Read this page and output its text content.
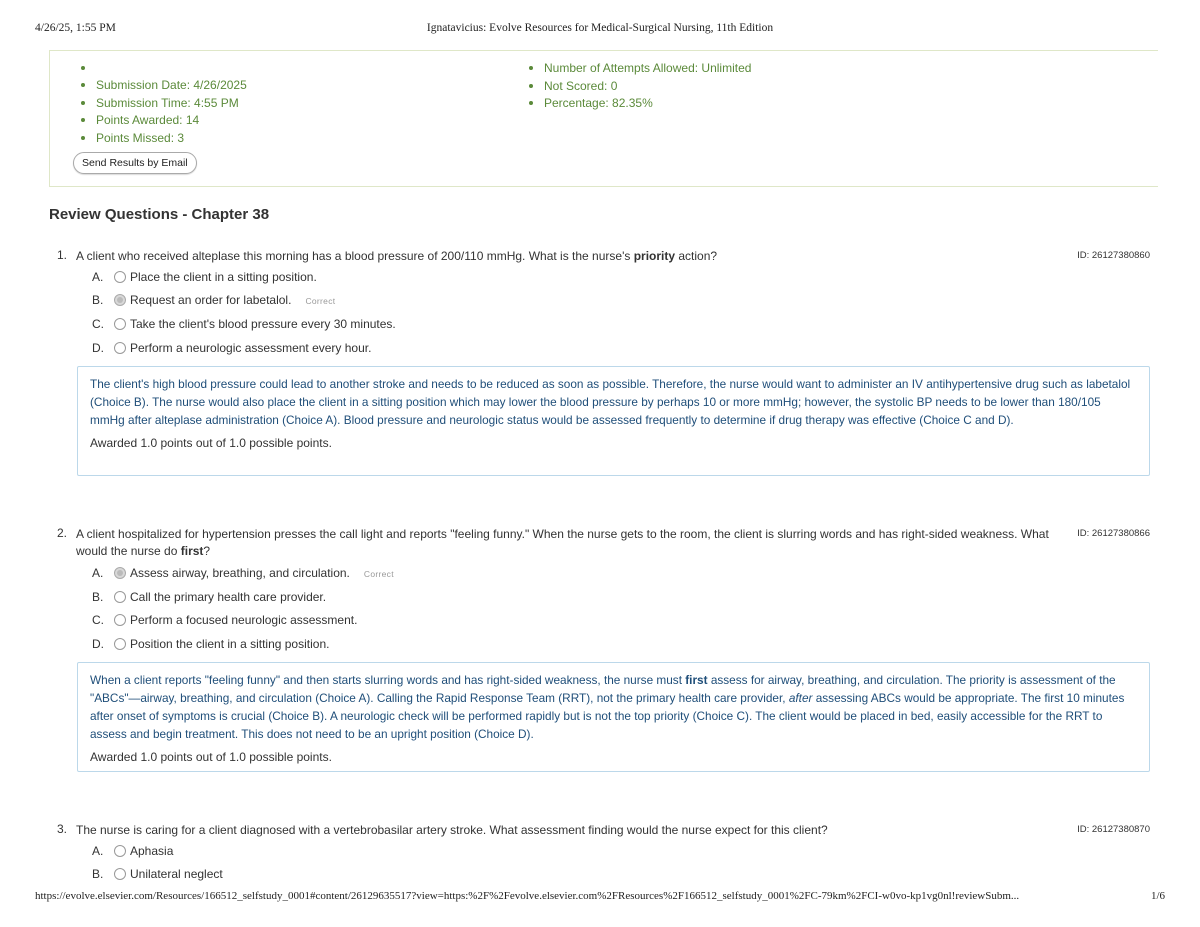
4/26/25, 1:55 PM	Ignatavicius: Evolve Resources for Medical-Surgical Nursing, 11th Edition
Submission Date: 4/26/2025
Submission Time: 4:55 PM
Points Awarded: 14
Points Missed: 3
Number of Attempts Allowed: Unlimited
Not Scored: 0
Percentage: 82.35%
Send Results by Email
Review Questions - Chapter 38
1. A client who received alteplase this morning has a blood pressure of 200/110 mmHg. What is the nurse's priority action?	ID: 26127380860
A. Place the client in a sitting position.
B. Request an order for labetalol. Correct
C. Take the client's blood pressure every 30 minutes.
D. Perform a neurologic assessment every hour.

The client's high blood pressure could lead to another stroke and needs to be reduced as soon as possible. Therefore, the nurse would want to administer an IV antihypertensive drug such as labetalol (Choice B). The nurse would also place the client in a sitting position which may lower the blood pressure by perhaps 10 or more mmHg; however, the systolic BP needs to be lower than 180/105 mmHg after alteplase administration (Choice A). Blood pressure and neurologic status would be assessed frequently to determine if drug therapy was effective (Choice C and D).

Awarded 1.0 points out of 1.0 possible points.
2. A client hospitalized for hypertension presses the call light and reports "feeling funny." When the nurse gets to the room, the client is slurring words and has right-sided weakness. What would the nurse do first?
ID: 26127380866
A. Assess airway, breathing, and circulation. Correct
B. Call the primary health care provider.
C. Perform a focused neurologic assessment.
D. Position the client in a sitting position.

When a client reports "feeling funny" and then starts slurring words and has right-sided weakness, the nurse must first assess for airway, breathing, and circulation. The priority is assessment of the "ABCs"—airway, breathing, and circulation (Choice A). Calling the Rapid Response Team (RRT), not the primary health care provider, after assessing ABCs would be appropriate. The first 10 minutes after onset of symptoms is crucial (Choice B). A neurologic check will be performed rapidly but is not the top priority (Choice C). The client would be placed in bed, easily accessible for the RRT to assess and begin treatment. This does not need to be an upright position (Choice D).

Awarded 1.0 points out of 1.0 possible points.
3. The nurse is caring for a client diagnosed with a vertebrobasilar artery stroke. What assessment finding would the nurse expect for this client?	ID: 26127380870
A. Aphasia
B. Unilateral neglect
https://evolve.elsevier.com/Resources/166512_selfstudy_0001#content/26129635517?view=https:%2F%2Fevolve.elsevier.com%2FResources%2F166512_selfstudy_0001%2FC-79km%2FCI-w0vo-kp1vg0nl!reviewSubm...	1/6
